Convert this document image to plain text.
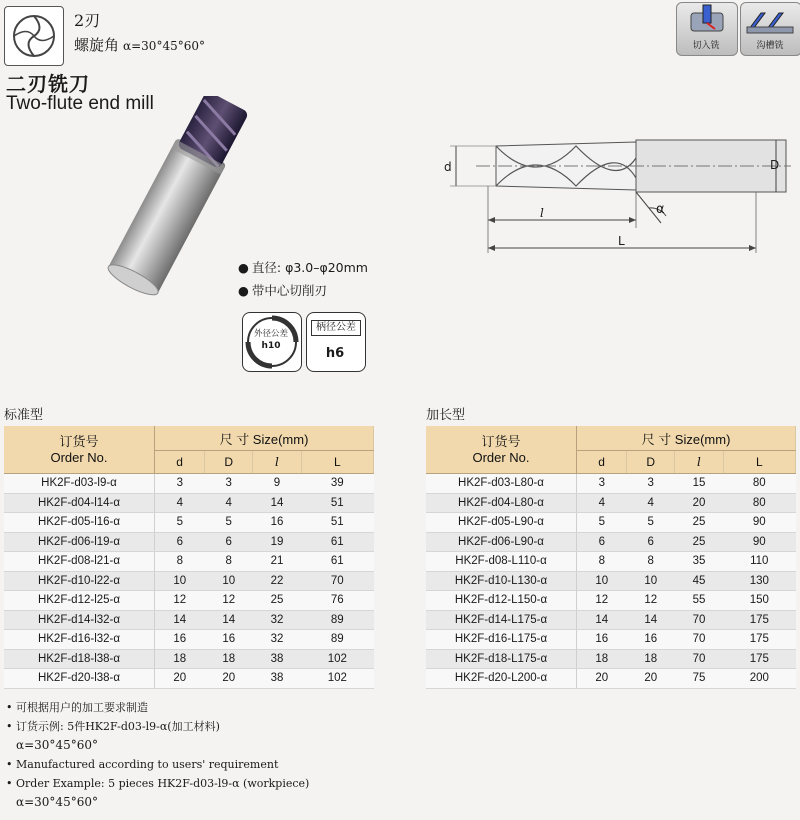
2刃
螺旋角 α=30°45°60°
二刃铣刀
Two-flute end mill
切入铣	沟槽铣
d	D
l
L
α
● 直径: φ3.0–φ20mm
● 带中心切削刃
外径公差
h10
柄径公差
h6
标准型	加长型
订货号
Order No.	尺 寸 Size(mm)			
	d	D	l	L
HK2F-d03-l9-α	3	3	9	39
HK2F-d04-l14-α	4	4	14	51
HK2F-d05-l16-α	5	5	16	51
HK2F-d06-l19-α	6	6	19	61
HK2F-d08-l21-α	8	8	21	61
HK2F-d10-l22-α	10	10	22	70
HK2F-d12-l25-α	12	12	25	76
HK2F-d14-l32-α	14	14	32	89
HK2F-d16-l32-α	16	16	32	89
HK2F-d18-l38-α	18	18	38	102
HK2F-d20-l38-α	20	20	38	102
订货号
Order No.	尺 寸 Size(mm)			
	d	D	l	L
HK2F-d03-L80-α	3	3	15	80
HK2F-d04-L80-α	4	4	20	80
HK2F-d05-L90-α	5	5	25	90
HK2F-d06-L90-α	6	6	25	90
HK2F-d08-L110-α	8	8	35	110
HK2F-d10-L130-α	10	10	45	130
HK2F-d12-L150-α	12	12	55	150
HK2F-d14-L175-α	14	14	70	175
HK2F-d16-L175-α	16	16	70	175
HK2F-d18-L175-α	18	18	70	175
HK2F-d20-L200-α	20	20	75	200
• 可根据用户的加工要求制造
• 订货示例: 5件HK2F-d03-l9-α(加工材料)
α=30°45°60°
• Manufactured according to users' requirement
• Order Example: 5 pieces HK2F-d03-l9-α (workpiece)
α=30°45°60°
